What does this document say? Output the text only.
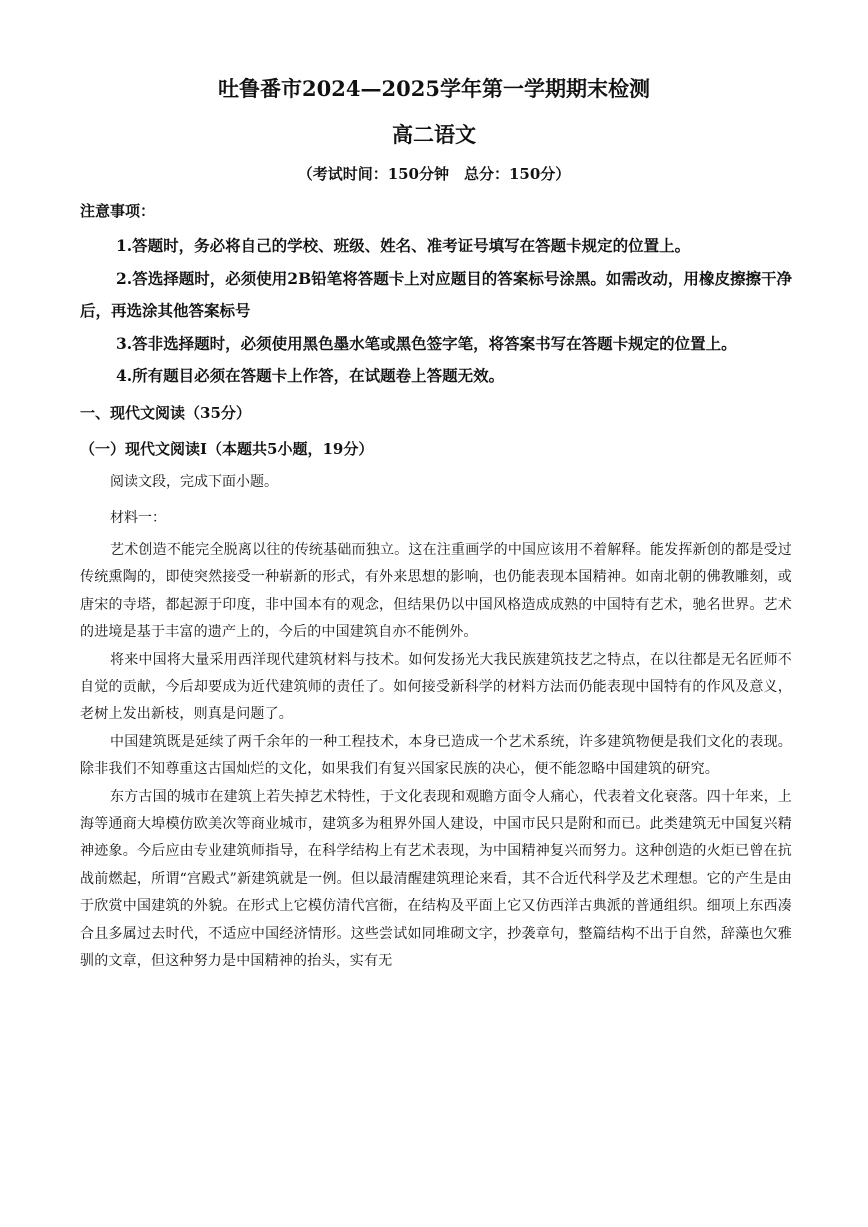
吐鲁番市2024—2025学年第一学期期末检测
高二语文
（考试时间：150分钟　总分：150分）
注意事项：
1.答题时，务必将自己的学校、班级、姓名、准考证号填写在答题卡规定的位置上。
2.答选择题时，必须使用2B铅笔将答题卡上对应题目的答案标号涂黑。如需改动，用橡皮擦擦干净后，再选涂其他答案标号
3.答非选择题时，必须使用黑色墨水笔或黑色签字笔，将答案书写在答题卡规定的位置上。
4.所有题目必须在答题卡上作答，在试题卷上答题无效。
一、现代文阅读（35分）
（一）现代文阅读Ⅰ（本题共5小题，19分）
阅读文段，完成下面小题。
材料一：

艺术创造不能完全脱离以往的传统基础而独立。这在注重画学的中国应该用不着解释。能发挥新创的都是受过传统熏陶的，即使突然接受一种崭新的形式，有外来思想的影响，也仍能表现本国精神。如南北朝的佛教雕刻，或唐宋的寺塔，都起源于印度，非中国本有的观念，但结果仍以中国风格造成成熟的中国特有艺术，驰名世界。艺术的进境是基于丰富的遗产上的，今后的中国建筑自亦不能例外。

将来中国将大量采用西洋现代建筑材料与技术。如何发扬光大我民族建筑技艺之特点，在以往都是无名匠师不自觉的贡献，今后却要成为近代建筑师的责任了。如何接受新科学的材料方法而仍能表现中国特有的作风及意义，老树上发出新枝，则真是问题了。

中国建筑既是延续了两千余年的一种工程技术，本身已造成一个艺术系统，许多建筑物便是我们文化的表现。除非我们不知尊重这古国灿烂的文化，如果我们有复兴国家民族的决心，便不能忽略中国建筑的研究。

东方古国的城市在建筑上若失掉艺术特性，于文化表现和观瞻方面令人痛心，代表着文化衰落。四十年来，上海等通商大埠模仿欧美次等商业城市，建筑多为租界外国人建设，中国市民只是附和而已。此类建筑无中国复兴精神迹象。今后应由专业建筑师指导，在科学结构上有艺术表现，为中国精神复兴而努力。这种创造的火炬已曾在抗战前燃起，所谓“宫殿式”新建筑就是一例。但以最清醒建筑理论来看，其不合近代科学及艺术理想。它的产生是由于欣赏中国建筑的外貌。在形式上它模仿清代宫衙，在结构及平面上它又仿西洋古典派的普通组织。细项上东西凑合且多属过去时代，不适应中国经济情形。这些尝试如同堆砌文字，抄袭章句，整篇结构不出于自然，辞藻也欠雅驯的文章，但这种努力是中国精神的抬头，实有无
